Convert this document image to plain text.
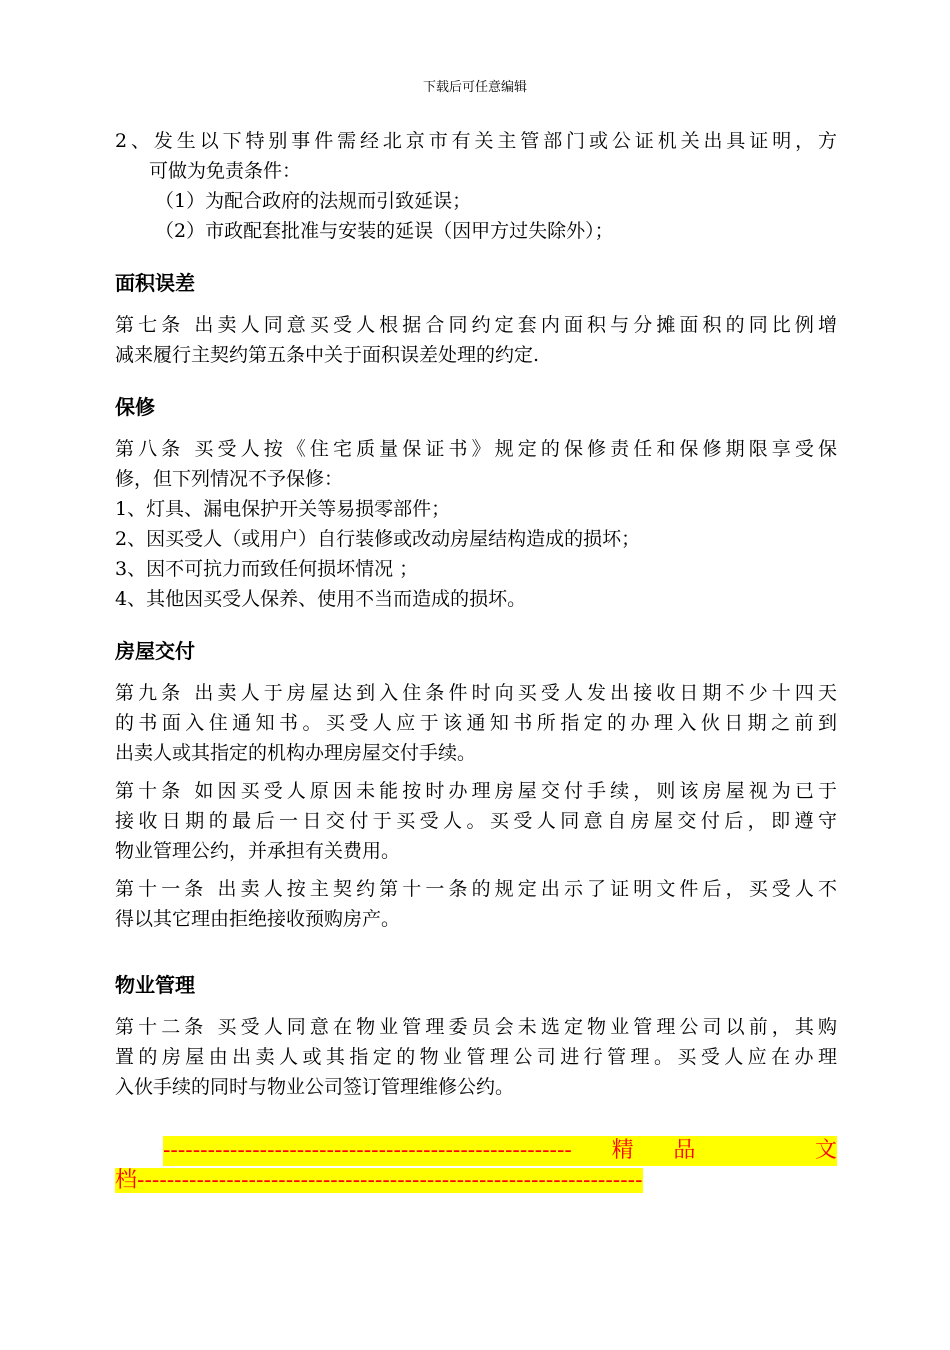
下载后可任意编辑
2、发生以下特别事件需经北京市有关主管部门或公证机关出具证明，方
可做为免责条件：
（1）为配合政府的法规而引致延误；
（2）市政配套批准与安装的延误（因甲方过失除外）；
面积误差
第七条 出卖人同意买受人根据合同约定套内面积与分摊面积的同比例增
减来履行主契约第五条中关于面积误差处理的约定.
保修
第八条 买受人按《住宅质量保证书》规定的保修责任和保修期限享受保
修，但下列情况不予保修：
1、灯具、漏电保护开关等易损零部件；
2、因买受人（或用户）自行装修或改动房屋结构造成的损坏；
3、因不可抗力而致任何损坏情况 ；
4、其他因买受人保养、使用不当而造成的损坏。
房屋交付
第九条 出卖人于房屋达到入住条件时向买受人发出接收日期不少十四天
的书面入住通知书。买受人应于该通知书所指定的办理入伙日期之前到
出卖人或其指定的机构办理房屋交付手续。
第十条 如因买受人原因未能按时办理房屋交付手续，则该房屋视为已于
接收日期的最后一日交付于买受人。买受人同意自房屋交付后，即遵守
物业管理公约，并承担有关费用。
第十一条 出卖人按主契约第十一条的规定出示了证明文件后，买受人不
得以其它理由拒绝接收预购房产。
物业管理
第十二条 买受人同意在物业管理委员会未选定物业管理公司以前，其购
置的房屋由出卖人或其指定的物业管理公司进行管理。买受人应在办理
入伙手续的同时与物业公司签订管理维修公约。
------------------------------------------------------- 精 品	文
档--------------------------------------------------------------------
